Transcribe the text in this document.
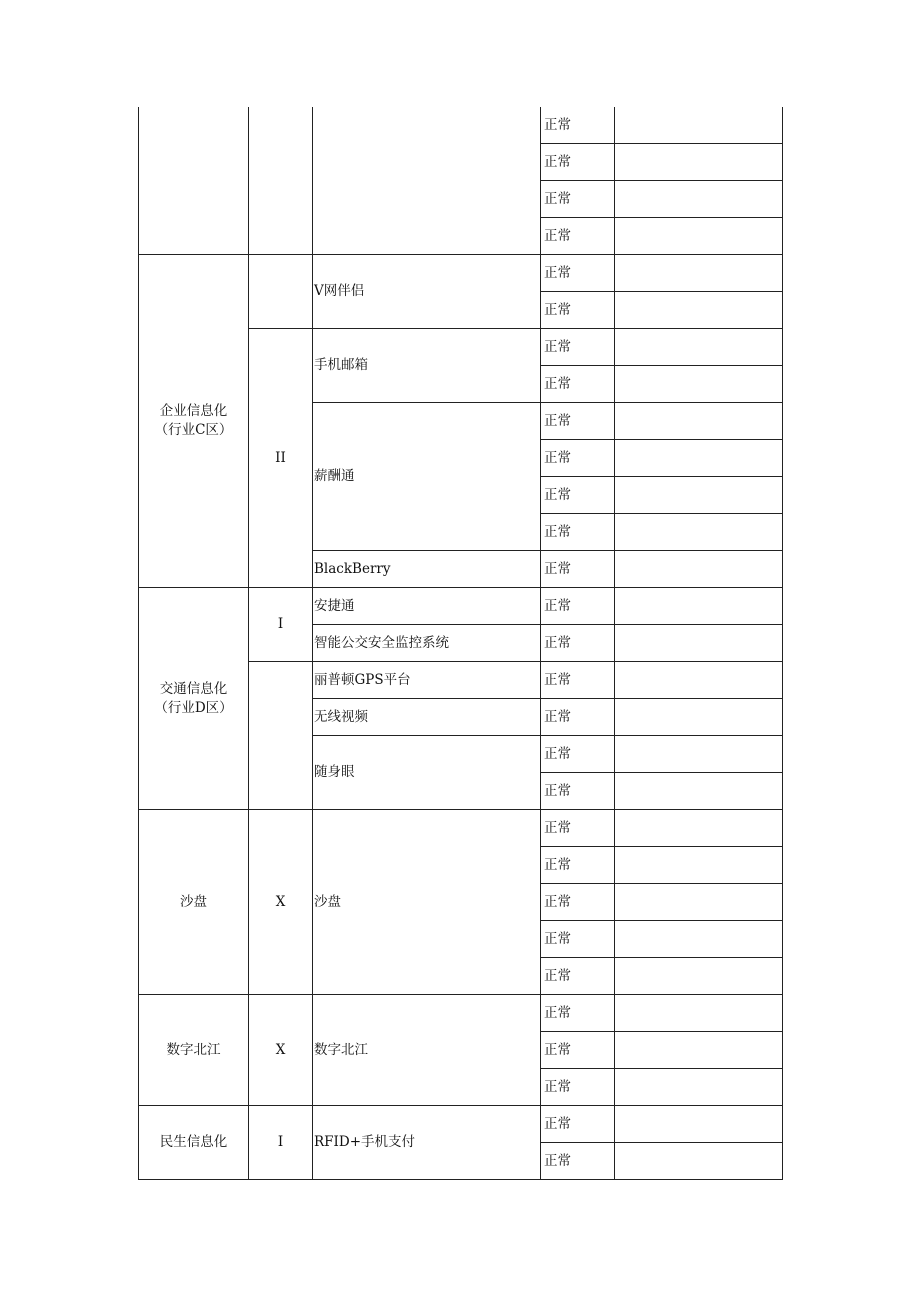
			正常	
			正常	
			正常	
			正常	
企业信息化（行业C区）		V网伴侣	正常	
			正常	
	II	手机邮箱	正常	
			正常	
		薪酬通	正常	
			正常	
			正常	
			正常	
		BlackBerry	正常	
交通信息化（行业D区）	I	安捷通	正常	
		智能公交安全监控系统	正常	
		丽普顿GPS平台	正常	
		无线视频	正常	
		随身眼	正常	
			正常	
沙盘	X	沙盘	正常	
			正常	
			正常	
			正常	
			正常	
数字北江	X	数字北江	正常	
			正常	
			正常	
民生信息化	I	RFID+手机支付	正常	
			正常	
